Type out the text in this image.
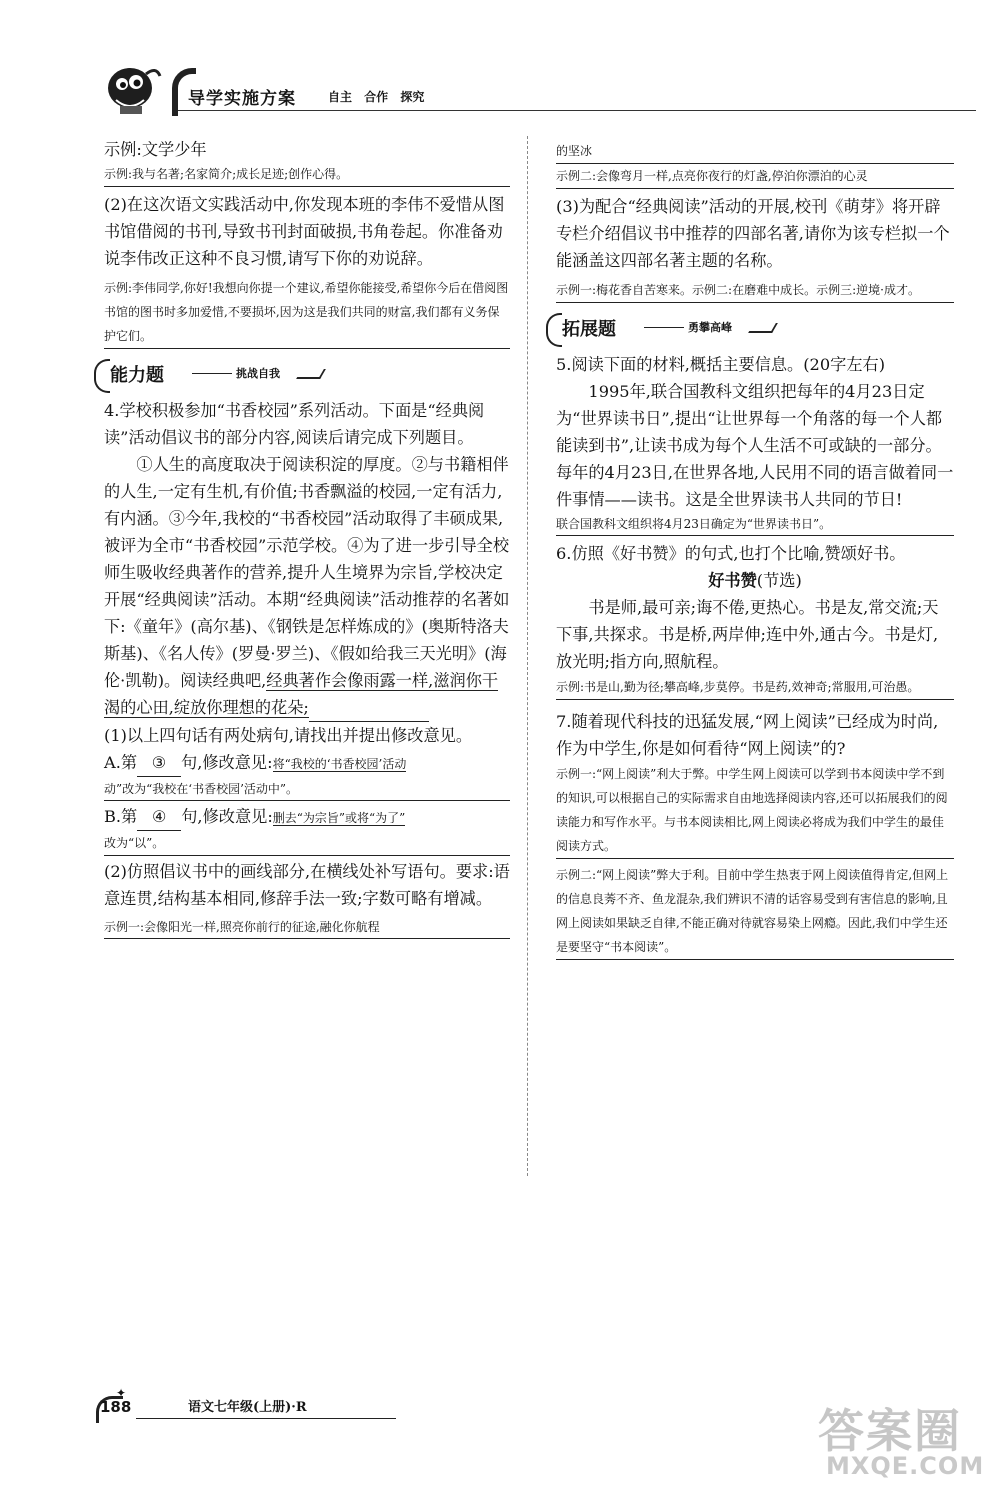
导学实施方案	自主 合作 探究

示例:文学少年

示例:我与名著;名家简介;成长足迹;创作心得。

(2)在这次语文实践活动中,你发现本班的李伟不爱惜从图书馆借阅的书刊,导致书刊封面破损,书角卷起。你准备劝说李伟改正这种不良习惯,请写下你的劝说辞。

示例:李伟同学,你好!我想向你提一个建议,希望你能接受,希望你今后在借阅图书馆的图书时多加爱惜,不要损坏,因为这是我们共同的财富,我们都有义务保护它们。

能力题	挑战自我

4.学校积极参加“书香校园”系列活动。下面是“经典阅读”活动倡议书的部分内容,阅读后请完成下列题目。

①人生的高度取决于阅读积淀的厚度。②与书籍相伴的人生,一定有生机,有价值;书香飘溢的校园,一定有活力,有内涵。③今年,我校的“书香校园”活动取得了丰硕成果,被评为全市“书香校园”示范学校。④为了进一步引导全校师生吸收经典著作的营养,提升人生境界为宗旨,学校决定开展“经典阅读”活动。本期“经典阅读”活动推荐的名著如下:《童年》(高尔基)、《钢铁是怎样炼成的》(奥斯特洛夫斯基)、《名人传》(罗曼·罗兰)、《假如给我三天光明》(海伦·凯勒)。阅读经典吧,经典著作会像雨露一样,滋润你干渴的心田,绽放你理想的花朵;

(1)以上四句话有两处病句,请找出并提出修改意见。

A.第 ③ 句,修改意见:将“我校的‘书香校园’活动

动”改为“我校在‘书香校园’活动中”。

B.第 ④ 句,修改意见:删去“为宗旨”或将“为了”

改为“以”。

(2)仿照倡议书中的画线部分,在横线处补写语句。要求:语意连贯,结构基本相同,修辞手法一致;字数可略有增减。

示例一:会像阳光一样,照亮你前行的征途,融化你航程

的坚冰

示例二:会像弯月一样,点亮你夜行的灯盏,停泊你漂泊的心灵

(3)为配合“经典阅读”活动的开展,校刊《萌芽》将开辟专栏介绍倡议书中推荐的四部名著,请你为该专栏拟一个能涵盖这四部名著主题的名称。

示例一:梅花香自苦寒来。示例二:在磨难中成长。示例三:逆境·成才。

拓展题	勇攀高峰

5.阅读下面的材料,概括主要信息。(20字左右)

1995年,联合国教科文组织把每年的4月23日定为“世界读书日”,提出“让世界每一个角落的每一个人都能读到书”,让读书成为每个人生活不可或缺的一部分。每年的4月23日,在世界各地,人民用不同的语言做着同一件事情——读书。这是全世界读书人共同的节日!

联合国教科文组织将4月23日确定为“世界读书日”。

6.仿照《好书赞》的句式,也打个比喻,赞颂好书。

好书赞(节选)

书是师,最可亲;诲不倦,更热心。书是友,常交流;天下事,共探求。书是桥,两岸伸;连中外,通古今。书是灯,放光明;指方向,照航程。

示例:书是山,勤为径;攀高峰,步莫停。书是药,效神奇;常服用,可治愚。

7.随着现代科技的迅猛发展,“网上阅读”已经成为时尚,作为中学生,你是如何看待“网上阅读”的?

示例一:“网上阅读”利大于弊。中学生网上阅读可以学到书本阅读中学不到的知识,可以根据自己的实际需求自由地选择阅读内容,还可以拓展我们的阅读能力和写作水平。与书本阅读相比,网上阅读必将成为我们中学生的最佳阅读方式。

示例二:“网上阅读”弊大于利。目前中学生热衷于网上阅读值得肯定,但网上的信息良莠不齐、鱼龙混杂,我们辨识不清的话容易受到有害信息的影响,且网上阅读如果缺乏自律,不能正确对待就容易染上网瘾。因此,我们中学生还是要坚守“书本阅读”。

✦
188	语文七年级(上册)·R	答案圈
MXQE.COM
